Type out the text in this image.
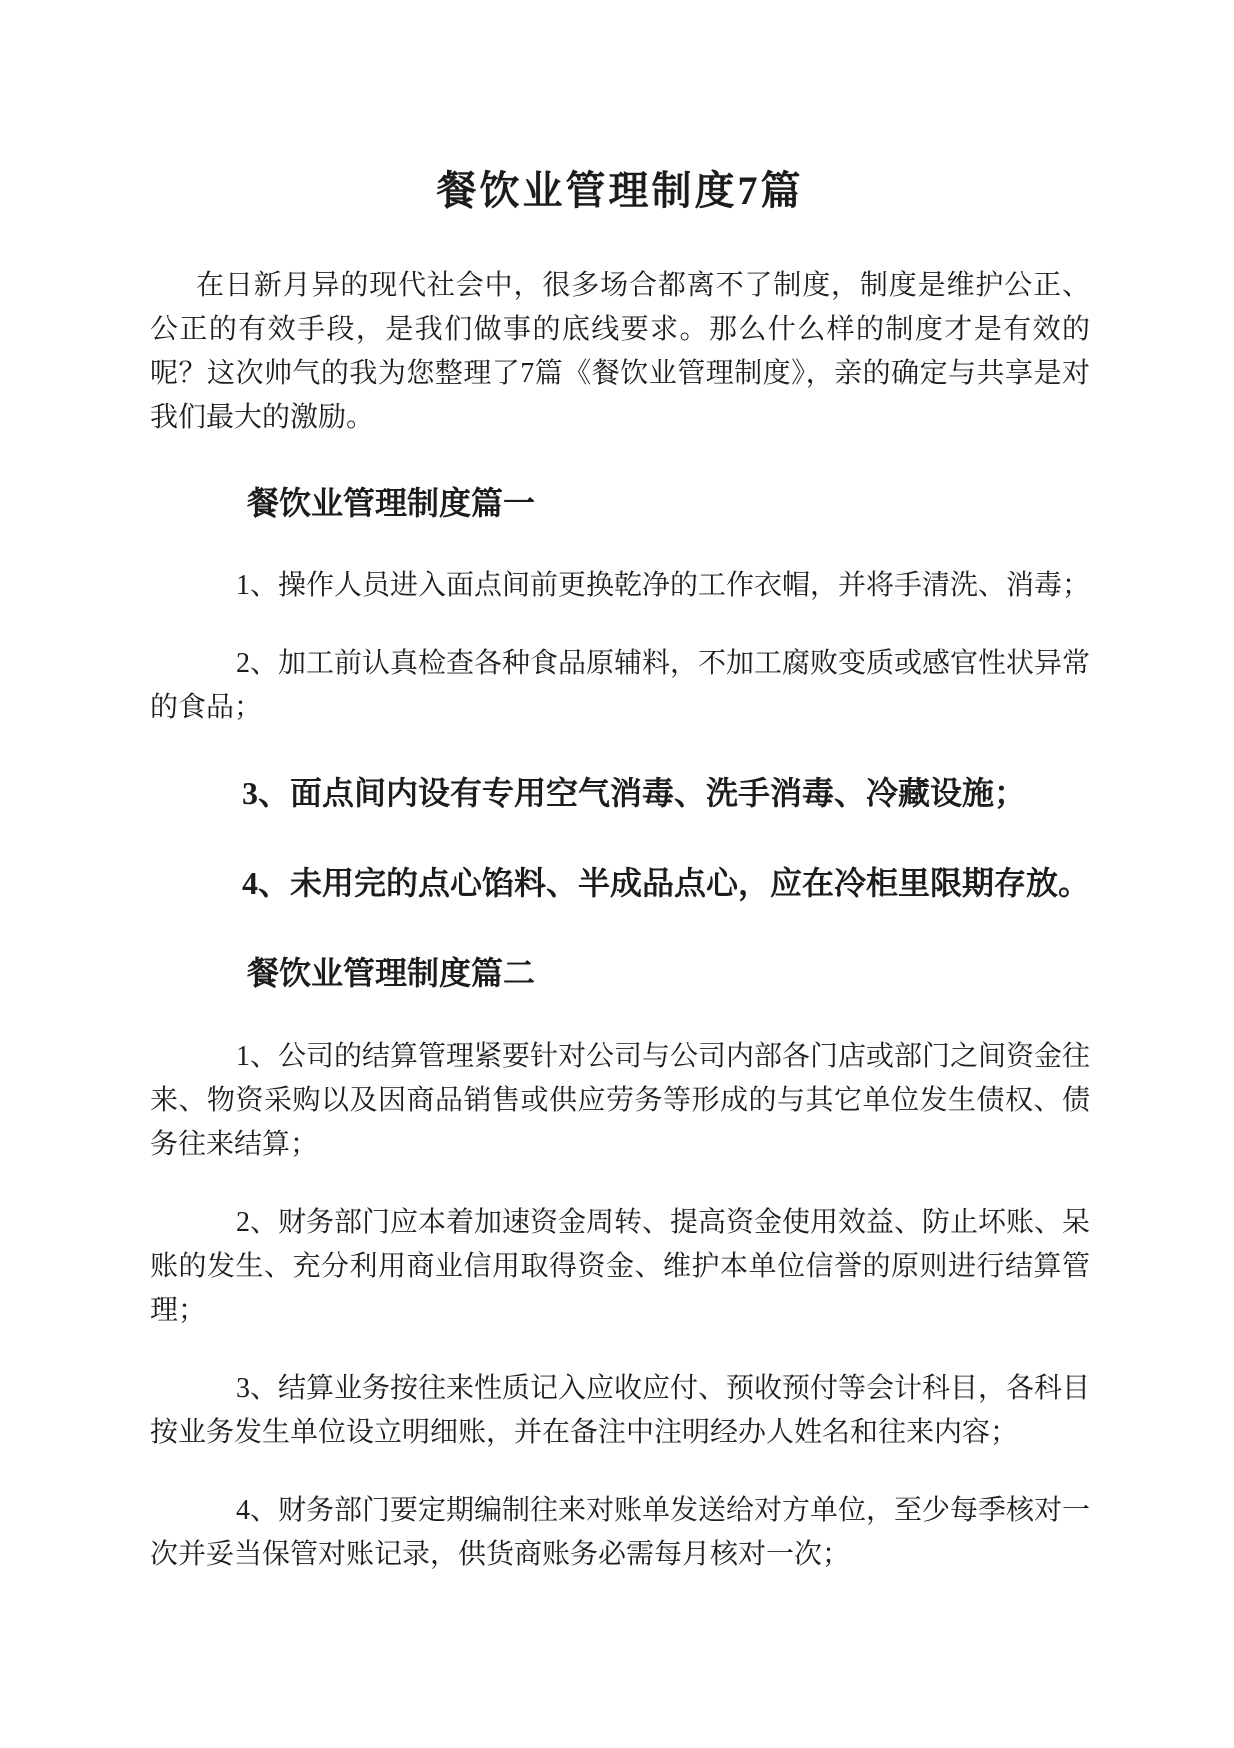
餐饮业管理制度7篇

在日新月异的现代社会中，很多场合都离不了制度，制度是维护公正、公正的有效手段，是我们做事的底线要求。那么什么样的制度才是有效的呢？这次帅气的我为您整理了7篇《餐饮业管理制度》，亲的确定与共享是对我们最大的激励。

餐饮业管理制度篇一

1、操作人员进入面点间前更换乾净的工作衣帽，并将手清洗、消毒；

2、加工前认真检查各种食品原辅料，不加工腐败变质或感官性状异常的食品；

3、面点间内设有专用空气消毒、洗手消毒、冷藏设施；

4、未用完的点心馅料、半成品点心，应在冷柜里限期存放。

餐饮业管理制度篇二

1、公司的结算管理紧要针对公司与公司内部各门店或部门之间资金往来、物资采购以及因商品销售或供应劳务等形成的与其它单位发生债权、债务往来结算；

2、财务部门应本着加速资金周转、提高资金使用效益、防止坏账、呆账的发生、充分利用商业信用取得资金、维护本单位信誉的原则进行结算管理；

3、结算业务按往来性质记入应收应付、预收预付等会计科目，各科目按业务发生单位设立明细账，并在备注中注明经办人姓名和往来内容；

4、财务部门要定期编制往来对账单发送给对方单位，至少每季核对一次并妥当保管对账记录，供货商账务必需每月核对一次；
